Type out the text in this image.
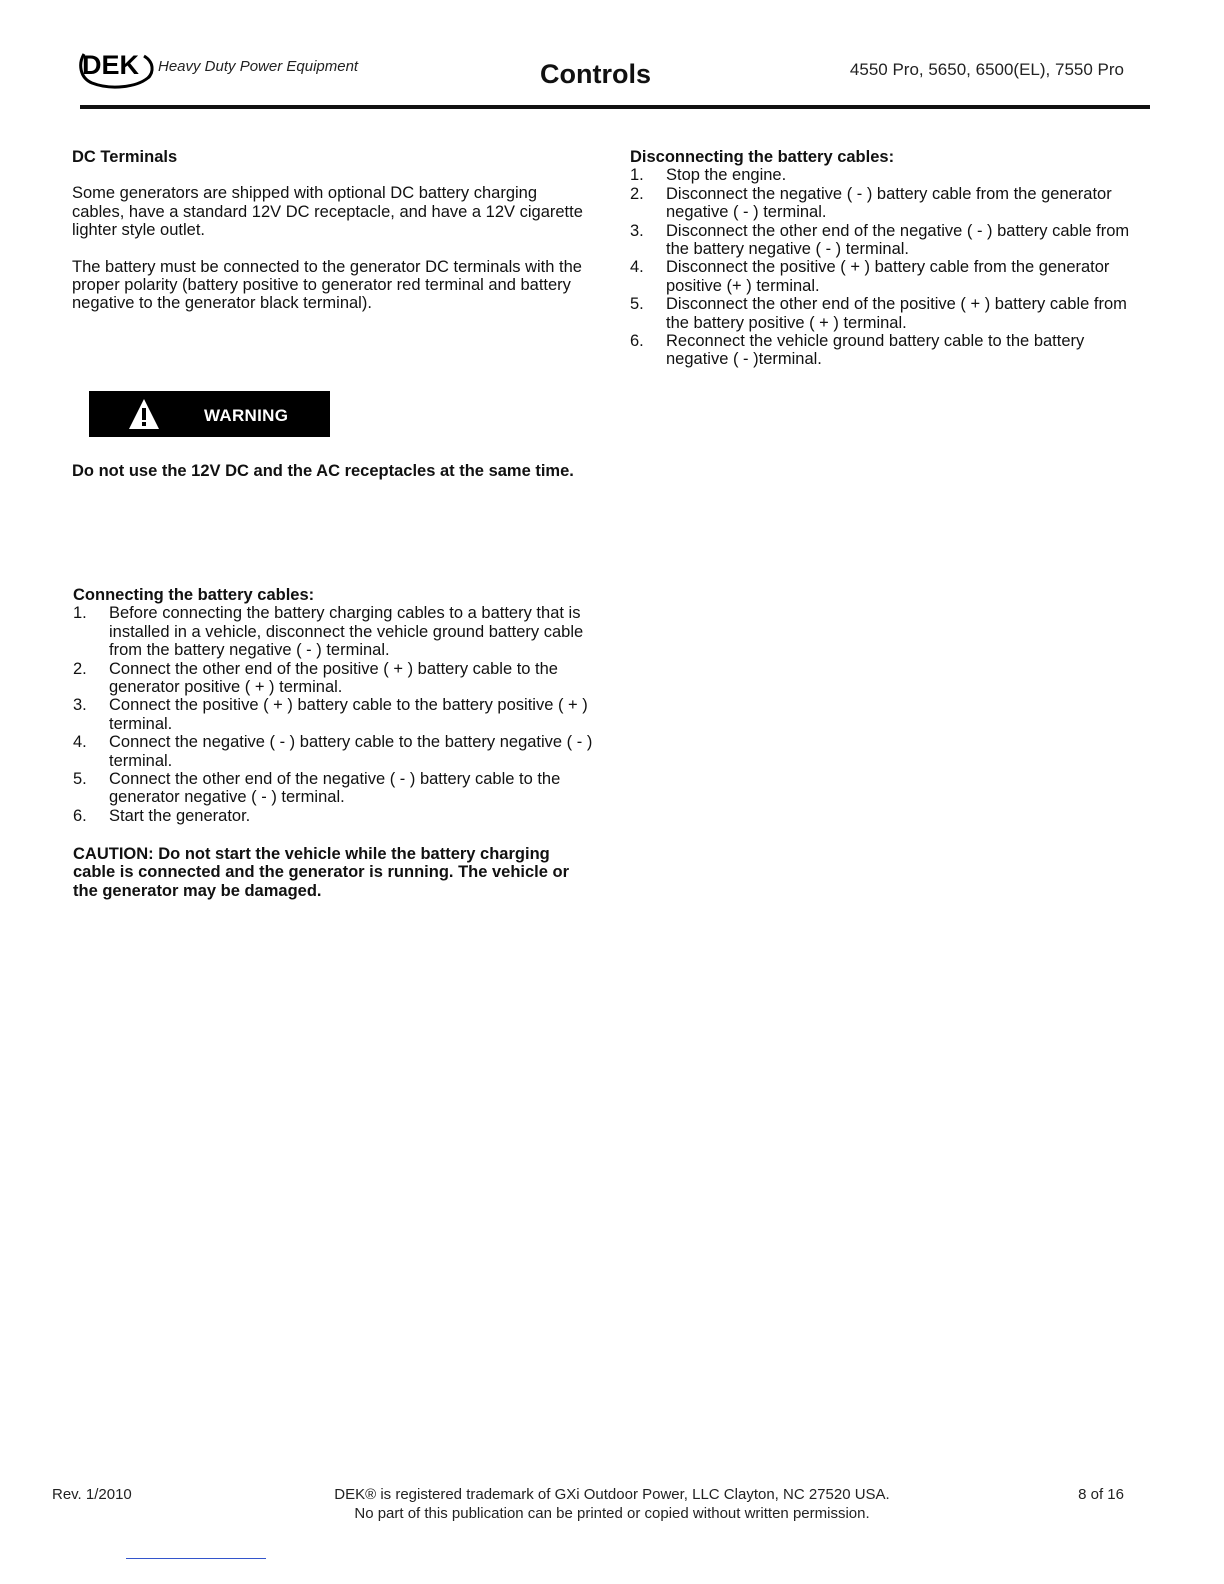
DEK Heavy Duty Power Equipment	Controls	4550 Pro, 5650, 6500(EL), 7550 Pro
DC Terminals

Some generators are shipped with optional DC battery charging cables, have a standard 12V DC receptacle, and have a 12V cigarette lighter style outlet.

The battery must be connected to the generator DC terminals with the proper polarity (battery positive to generator red terminal and battery negative to the generator black terminal).

WARNING
Do not use the 12V DC and the AC receptacles at the same time.
Connecting the battery cables:
1. Before connecting the battery charging cables to a battery that is installed in a vehicle, disconnect the vehicle ground battery cable from the battery negative ( - ) terminal.
2. Connect the other end of the positive ( + ) battery cable to the generator positive ( + ) terminal.
3. Connect the positive ( + ) battery cable to the battery positive ( + ) terminal.
4. Connect the negative ( - ) battery cable to the battery negative ( - ) terminal.
5. Connect the other end of the negative ( - ) battery cable to the generator negative ( - ) terminal.
6. Start the generator.
CAUTION: Do not start the vehicle while the battery charging cable is connected and the generator is running. The vehicle or the generator may be damaged.
Disconnecting the battery cables:
1. Stop the engine.
2. Disconnect the negative ( - ) battery cable from the generator negative ( - ) terminal.
3. Disconnect the other end of the negative ( - ) battery cable from the battery negative ( - ) terminal.
4. Disconnect the positive ( + ) battery cable from the generator positive (+ ) terminal.
5. Disconnect the other end of the positive ( + ) battery cable from the battery positive ( + ) terminal.
6. Reconnect the vehicle ground battery cable to the battery negative ( - )terminal.
Rev. 1/2010	DEK® is registered trademark of GXi Outdoor Power, LLC Clayton, NC 27520 USA.
No part of this publication can be printed or copied without written permission.
8 of 16
